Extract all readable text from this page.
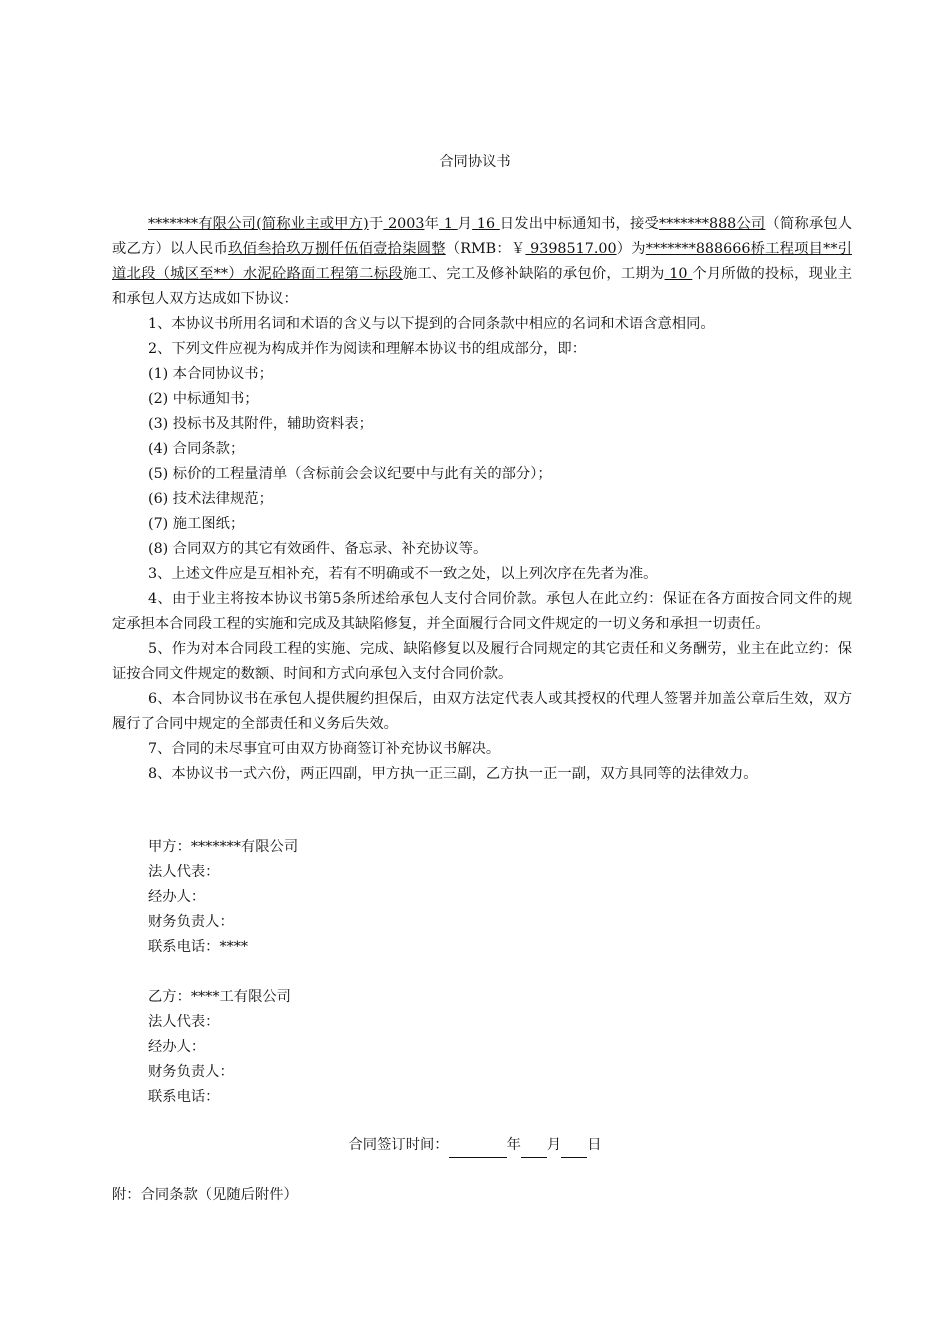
合同协议书
*******有限公司(简称业主或甲方)于 2003年 1 月 16 日发出中标通知书，接受*******888公司（简称承包人或乙方）以人民币玖佰叁拾玖万捌仟伍佰壹拾柒圆整（RMB：￥ 9398517.00）为*******888666桥工程项目**引道北段（城区至**）水泥砼路面工程第二标段施工、完工及修补缺陷的承包价，工期为 10 个月所做的投标，现业主和承包人双方达成如下协议：
1、本协议书所用名词和术语的含义与以下提到的合同条款中相应的名词和术语含意相同。
2、下列文件应视为构成并作为阅读和理解本协议书的组成部分，即：
(1) 本合同协议书；
(2) 中标通知书；
(3) 投标书及其附件，辅助资料表；
(4) 合同条款；
(5) 标价的工程量清单（含标前会会议纪要中与此有关的部分）；
(6) 技术法律规范；
(7) 施工图纸；
(8) 合同双方的其它有效函件、备忘录、补充协议等。
3、上述文件应是互相补充，若有不明确或不一致之处，以上列次序在先者为准。
4、由于业主将按本协议书第5条所述给承包人支付合同价款。承包人在此立约：保证在各方面按合同文件的规定承担本合同段工程的实施和完成及其缺陷修复，并全面履行合同文件规定的一切义务和承担一切责任。
5、作为对本合同段工程的实施、完成、缺陷修复以及履行合同规定的其它责任和义务酬劳，业主在此立约：保证按合同文件规定的数额、时间和方式向承包入支付合同价款。
6、本合同协议书在承包人提供履约担保后，由双方法定代表人或其授权的代理人签署并加盖公章后生效，双方履行了合同中规定的全部责任和义务后失效。
7、合同的未尽事宜可由双方协商签订补充协议书解决。
8、本协议书一式六份，两正四副，甲方执一正三副，乙方执一正一副，双方具同等的法律效力。
甲方：*******有限公司
法人代表：
经办人：
财务负责人：
联系电话：****
乙方：****工有限公司
法人代表：
经办人：
财务负责人：
联系电话：
合同签订时间：	年 月 日
附：合同条款（见随后附件）
